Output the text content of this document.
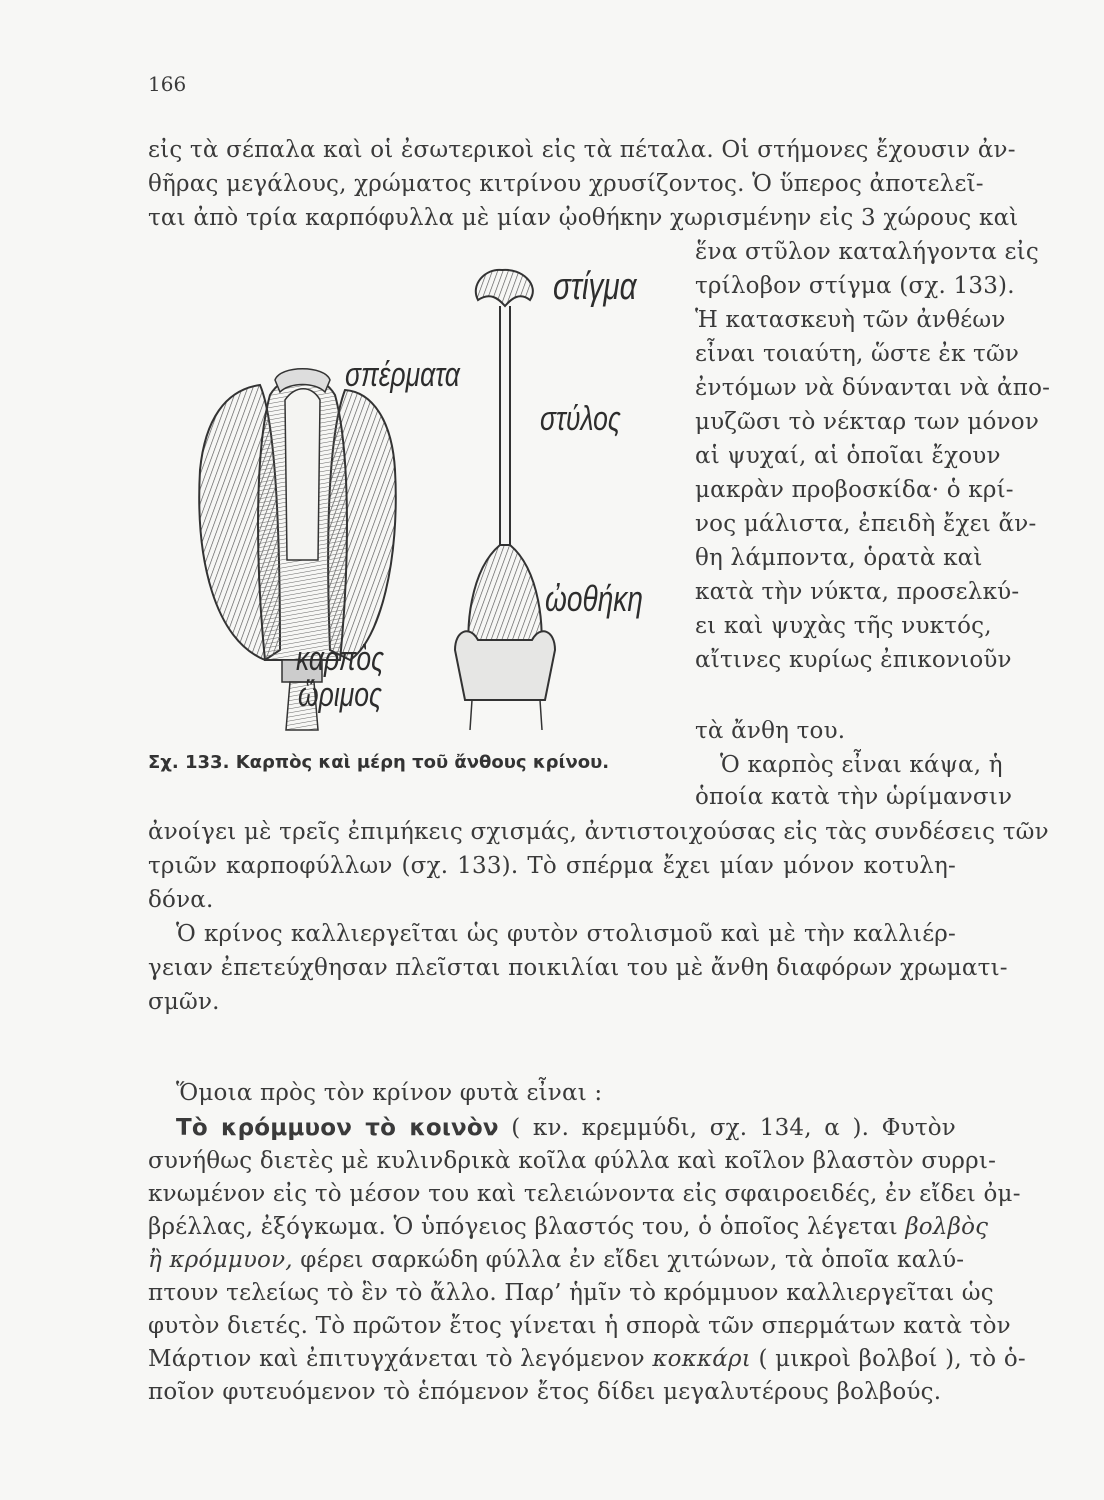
166
εἰς τὰ σέπαλα καὶ οἱ ἐσωτερικοὶ εἰς τὰ πέταλα. Οἱ στήμονες ἔχουσιν ἀν-
θῆρας μεγάλους, χρώματος κιτρίνου χρυσίζοντος. Ὁ ὕπερος ἀποτελεῖ-
ται ἀπὸ τρία καρπόφυλλα μὲ μίαν ᾠοθήκην χωρισμένην εἰς 3 χώρους καὶ
ἕνα στῦλον καταλήγοντα εἰς
τρίλοβον στίγμα (σχ. 133).
Ἡ κατασκευὴ τῶν ἀνθέων
εἶναι τοιαύτη, ὥστε ἐκ τῶν
ἐντόμων νὰ δύνανται νὰ ἀπο-
μυζῶσι τὸ νέκταρ των μόνον
αἱ ψυχαί, αἱ ὁποῖαι ἔχουν
μακρὰν προβοσκίδα· ὁ κρί-
νος μάλιστα, ἐπειδὴ ἔχει ἄν-
θη λάμποντα, ὁρατὰ καὶ
κατὰ τὴν νύκτα, προσελκύ-
ει καὶ ψυχὰς τῆς νυκτός,
αἴτινες κυρίως ἐπικονιοῦν
τὰ ἄνθη του.
Ὁ καρπὸς εἶναι κάψα, ἡ
ὁποία κατὰ τὴν ὡρίμανσιν
στίγμα
σπέρματα
στύλος
ὠοθήκη
καρπὸς
ὥριμος
Σχ. 133. Καρπὸς καὶ μέρη τοῦ ἄνθους κρίνου.
ἀνοίγει μὲ τρεῖς ἐπιμήκεις σχισμάς, ἀντιστοιχούσας εἰς τὰς συνδέσεις τῶν
τριῶν καρποφύλλων (σχ. 133). Τὸ σπέρμα ἔχει μίαν μόνον κοτυλη-
δόνα.
Ὁ κρίνος καλλιεργεῖται ὡς φυτὸν στολισμοῦ καὶ μὲ τὴν καλλιέρ-
γειαν ἐπετεύχθησαν πλεῖσται ποικιλίαι του μὲ ἄνθη διαφόρων χρωματι-
σμῶν.
Ὅμοια πρὸς τὸν κρίνον φυτὰ εἶναι :
Τὸ κρόμμυον τὸ κοινὸν ( κν. κρεμμύδι, σχ. 134, α ). Φυτὸν
συνήθως διετὲς μὲ κυλινδρικὰ κοῖλα φύλλα καὶ κοῖλον βλαστὸν συρρι-
κνωμένον εἰς τὸ μέσον του καὶ τελειώνοντα εἰς σφαιροειδές, ἐν εἴδει ὀμ-
βρέλλας, ἐξόγκωμα. Ὁ ὑπόγειος βλαστός του, ὁ ὁποῖος λέγεται βολβὸς
ἢ κρόμμυον, φέρει σαρκώδη φύλλα ἐν εἴδει χιτώνων, τὰ ὁποῖα καλύ-
πτουν τελείως τὸ ἓν τὸ ἄλλο. Παρ’ ἡμῖν τὸ κρόμμυον καλλιεργεῖται ὡς
φυτὸν διετές. Τὸ πρῶτον ἔτος γίνεται ἡ σπορὰ τῶν σπερμάτων κατὰ τὸν
Μάρτιον καὶ ἐπιτυγχάνεται τὸ λεγόμενον κοκκάρι ( μικροὶ βολβοί ), τὸ ὁ-
ποῖον φυτευόμενον τὸ ἑπόμενον ἔτος δίδει μεγαλυτέρους βολβούς.
